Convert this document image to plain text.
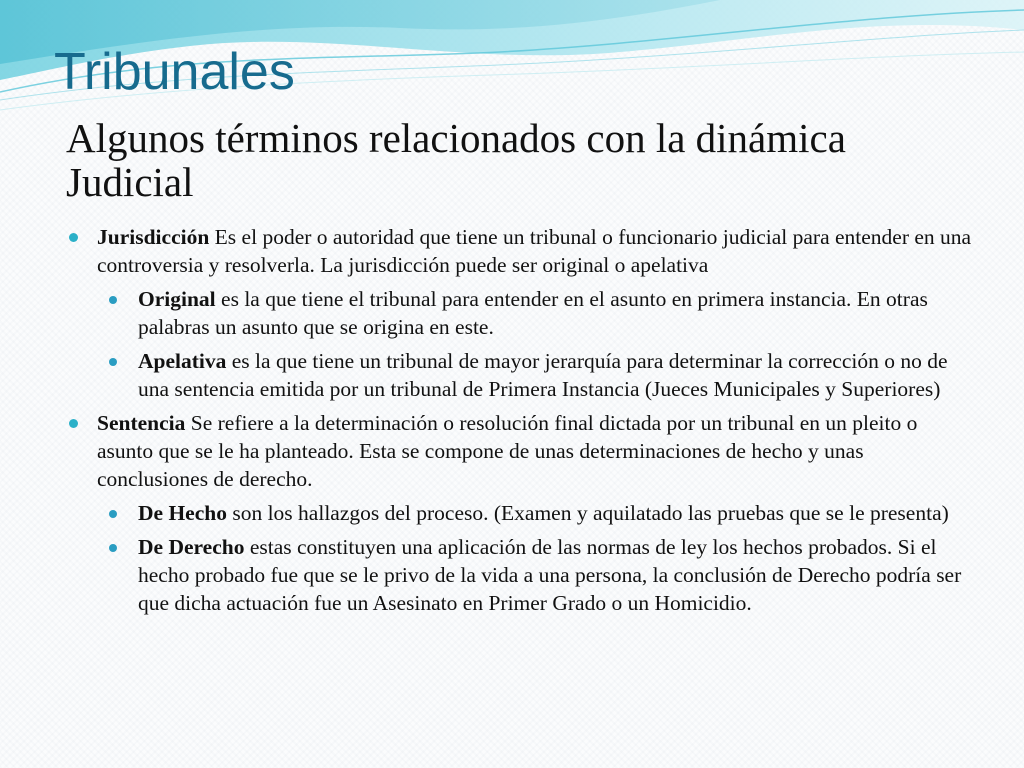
Tribunales
Algunos términos relacionados con la dinámica Judicial
Jurisdicción Es el poder o autoridad que tiene un tribunal o funcionario judicial para entender en una controversia y resolverla. La jurisdicción puede ser original o apelativa
Original es la que tiene el tribunal para entender en el asunto en primera instancia. En otras palabras un asunto que se origina en este.
Apelativa es la que tiene un tribunal de mayor jerarquía para determinar la corrección o no de una sentencia emitida por un tribunal de Primera Instancia (Jueces Municipales y Superiores)
Sentencia Se refiere a la determinación o resolución final dictada por un tribunal en un pleito o asunto que se le ha planteado. Esta se compone de unas determinaciones de hecho y unas conclusiones de derecho.
De Hecho son los hallazgos del proceso. (Examen y aquilatado las pruebas que se le presenta)
De Derecho estas constituyen una aplicación de las normas de ley los hechos probados. Si el hecho probado fue que se le privo de la vida a una persona, la conclusión de Derecho podría ser que dicha actuación fue un Asesinato en Primer Grado o un Homicidio.
